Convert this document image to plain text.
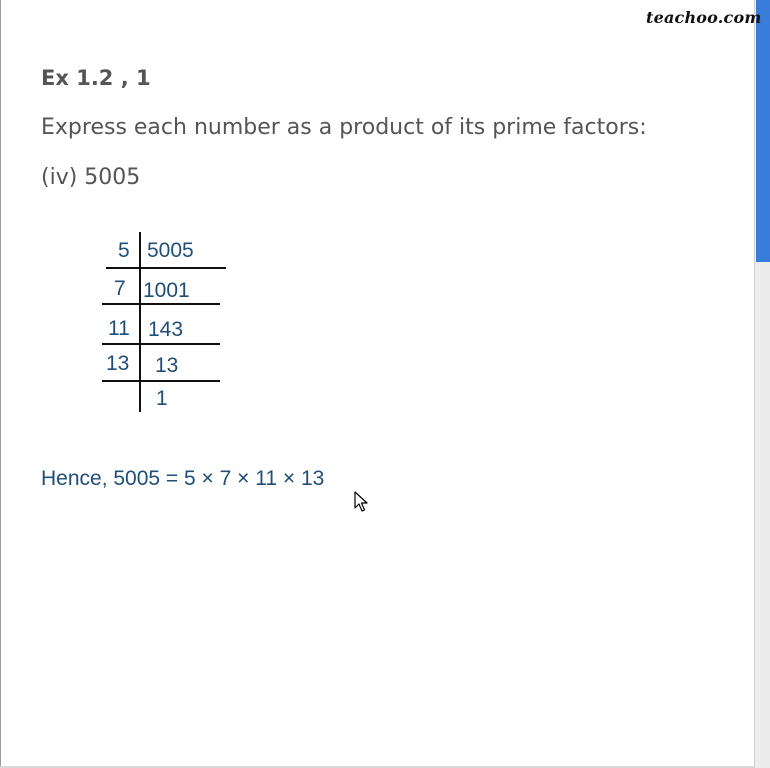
teachoo.com
Ex 1.2 , 1
Express each number as a product of its prime factors:
(iv) 5005
5
7
11
13
5005
1001
143
13
1
Hence, 5005 = 5 × 7 × 11 × 13
